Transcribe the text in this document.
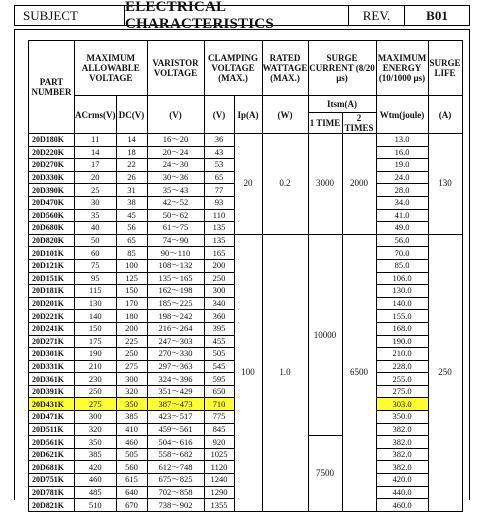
SUBJECT
ELECTRICAL CHARACTERISTICS
REV.	B01
PART NUMBER	MAXIMUM ALLOWABLE VOLTAGE		VARISTOR VOLTAGE	CLAMPING VOLTAGE (MAX.)		RATED WATTAGE (MAX.)	SURGE CURRENT (8/20 μs)		MAXIMUM ENERGY (10/1000 μs)	SURGE LIFE
	ACrms(V)	DC(V)	(V)	(V)	Ip(A)	(W)	Itsm(A)		Wtm(joule)	(A)
							1 TIME	2 TIMES		
20D180K	11	14	16～20	36	20	0.2	3000	2000	13.0	130
20D220K	14	18	20～24	43					16.0	
20D270K	17	22	24～30	53					19.0	
20D330K	20	26	30～36	65					24.0	
20D390K	25	31	35～43	77					28.0	
20D470K	30	38	42～52	93					34.0	
20D560K	35	45	50～62	110					41.0	
20D680K	40	56	61～75	135					49.0	
20D820K	50	65	74～90	135	100	1.0	10000	6500	56.0	250
20D101K	60	85	90～110	165					70.0	
20D121K	75	100	108～132	200					85.0	
20D151K	95	125	135～165	250					106.0	
20D181K	115	150	162～198	300					130.0	
20D201K	130	170	185～225	340					140.0	
20D221K	140	180	198～242	360					155.0	
20D241K	150	200	216～264	395					168.0	
20D271K	175	225	247～303	455					190.0	
20D301K	190	250	270～330	505					210.0	
20D331K	210	275	297～363	545					228.0	
20D361K	230	300	324～396	595					255.0	
20D391K	250	320	351～429	650					275.0	
20D431K	275	350	387～473	710					303.0	
20D471K	300	385	423～517	775					350.0	
20D511K	320	410	459～561	845					382.0	
20D561K	350	460	504～616	920			7500		382.0	
20D621K	385	505	558～682	1025					382.0	
20D681K	420	560	612～748	1120					382.0	
20D751K	460	615	675～825	1240					420.0	
20D781K	485	640	702～858	1290					440.0	
20D821K	510	670	738～902	1355					460.0	
